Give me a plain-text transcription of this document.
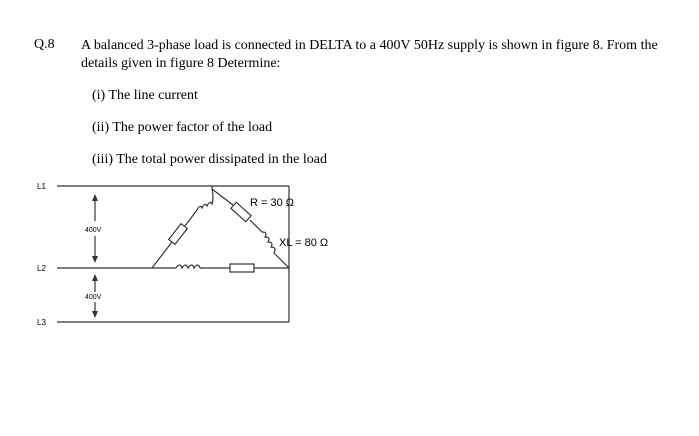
Q.8 A balanced 3-phase load is connected in DELTA to a 400V 50Hz supply is shown in figure 8. From the details given in figure 8 Determine:
(i) The line current
(ii) The power factor of the load
(iii) The total power dissipated in the load
L1
L2
L3
400V
400V
R = 30 Ω
XL = 80 Ω
